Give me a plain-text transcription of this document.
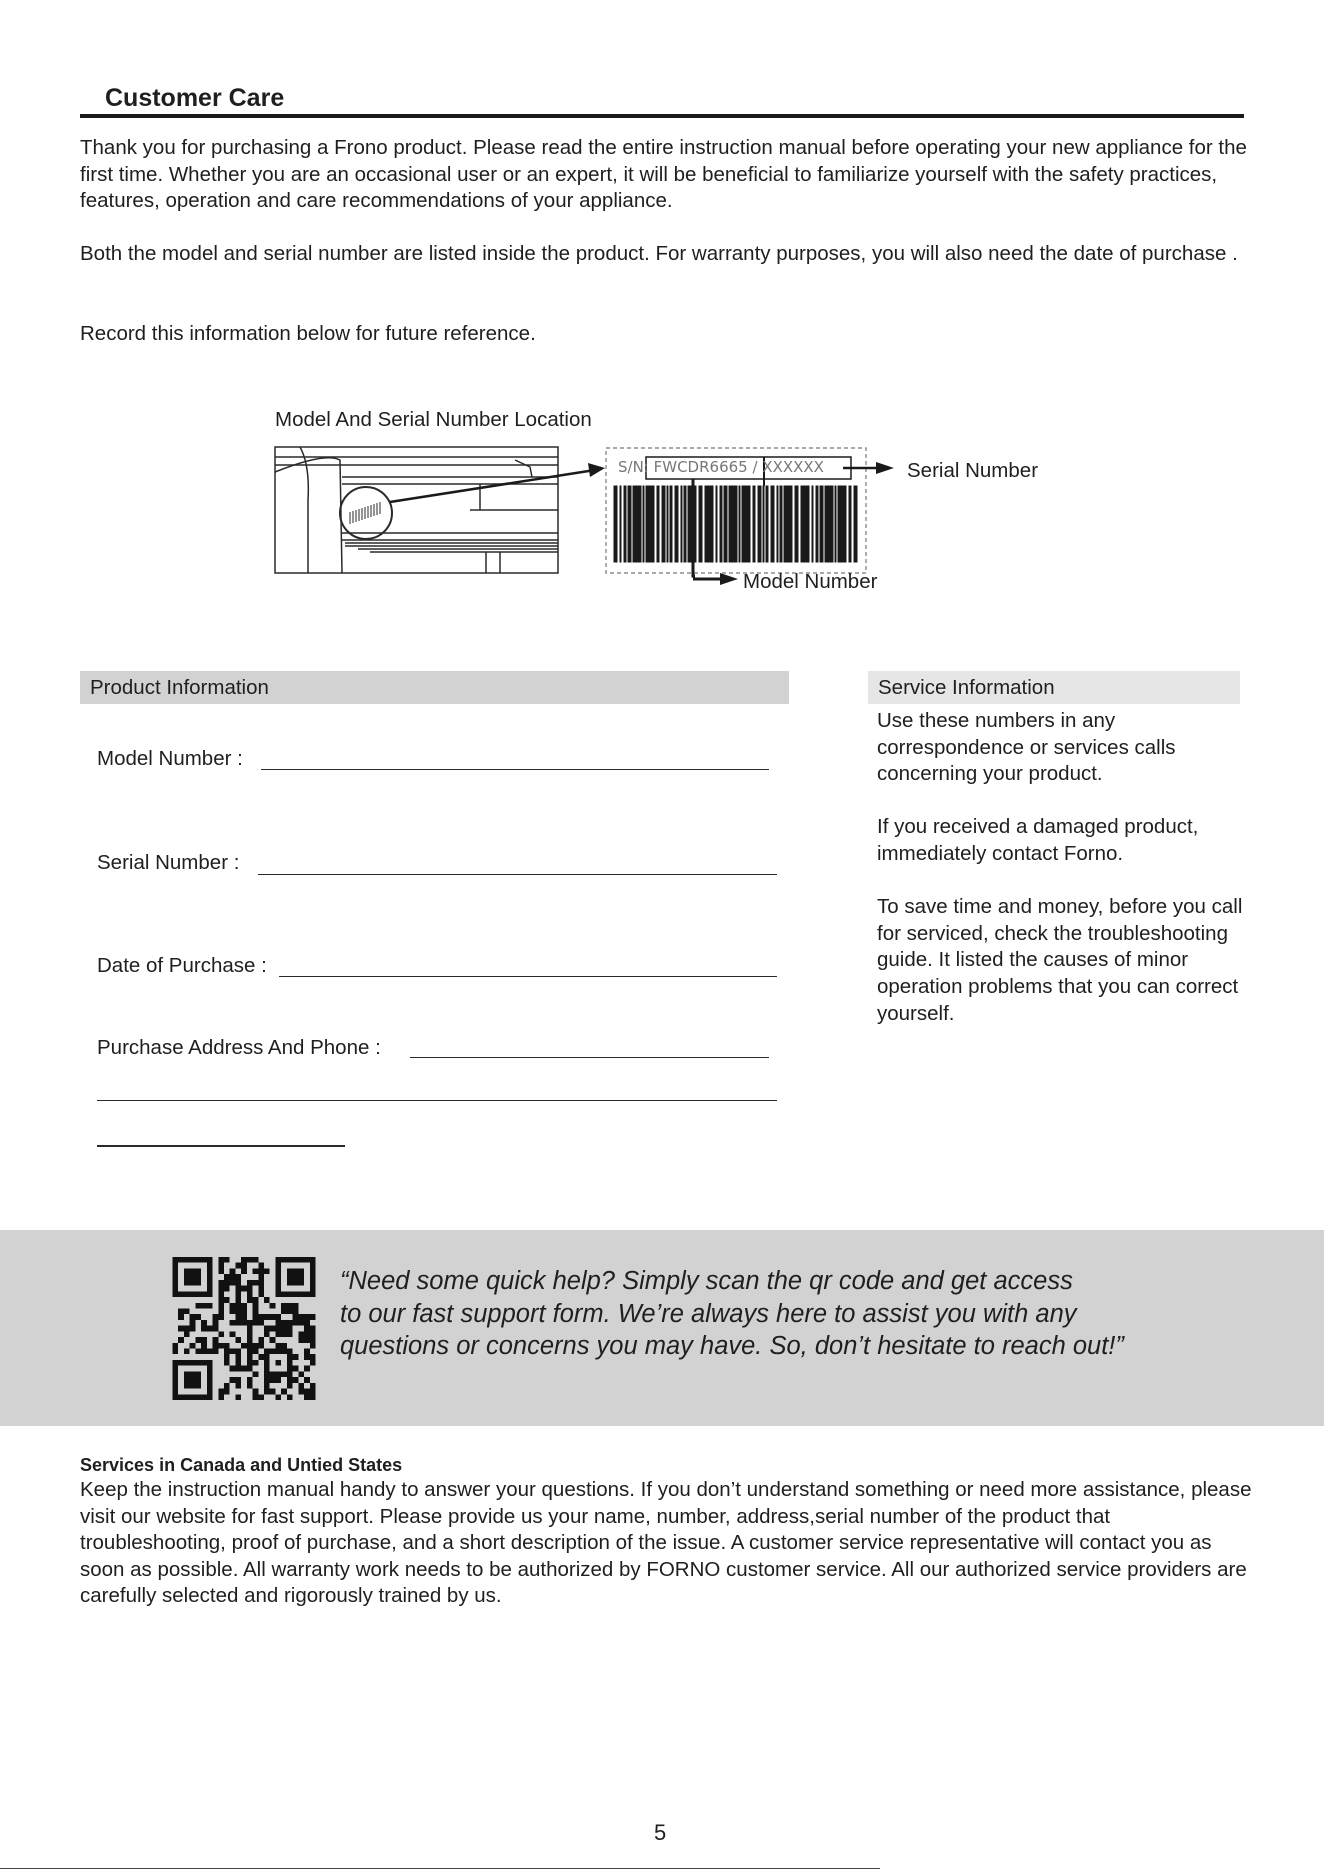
Customer Care
Thank you for purchasing a Frono product. Please read the entire instruction manual before operating your new appliance for the first time. Whether you are an occasional user or an expert, it will be beneficial to familiarize yourself with the safety practices, features, operation and care recommendations of your appliance.
Both the model and serial number are listed inside the product. For warranty purposes, you will also need the date of purchase .
Record this information below for future reference.
Model And Serial Number Location
S/N: FWCDR6665 / XXXXXX	Serial Number
Model Number
Product Information
Model Number :
Serial Number :
Date of Purchase :
Purchase Address And Phone :
Service Information

Use these numbers in any correspondence or services calls concerning your product.

If you received a damaged product, immediately contact Forno.

To save time and money, before you call for serviced, check the troubleshooting guide. It listed the causes of minor operation problems that you can correct yourself.

“Need some quick help? Simply scan the qr code and get access
to our fast support form. We’re always here to assist you with any
questions or concerns you may have. So, don’t hesitate to reach out!”
Services in Canada and Untied States
Keep the instruction manual handy to answer your questions. If you don’t understand something or need more assistance, please visit our website for fast support. Please provide us your name, number, address,serial number of the product that troubleshooting, proof of purchase, and a short description of the issue. A customer service representative will contact you as soon as possible. All warranty work needs to be authorized by FORNO customer service. All our authorized service providers are carefully selected and rigorously trained by us.
5
